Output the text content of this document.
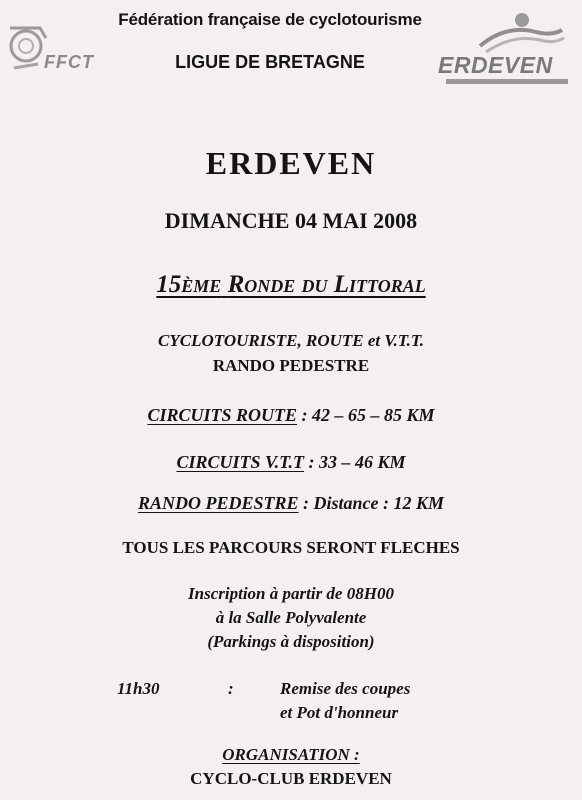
FFCT
Fédération française de cyclotourisme
LIGUE DE BRETAGNE	ERDEVEN
ERDEVEN
DIMANCHE 04 MAI 2008
15ème Ronde du Littoral
CYCLOTOURISTE, ROUTE et V.T.T.
RANDO PEDESTRE
CIRCUITS ROUTE : 42 – 65 – 85 KM
CIRCUITS V.T.T : 33 – 46 KM
RANDO PEDESTRE : Distance : 12 KM
TOUS LES PARCOURS SERONT FLECHES
Inscription à partir de 08H00
à la Salle Polyvalente
(Parkings à disposition)
11h30	:	Remise des coupes
et Pot d'honneur
ORGANISATION :
CYCLO-CLUB ERDEVEN
